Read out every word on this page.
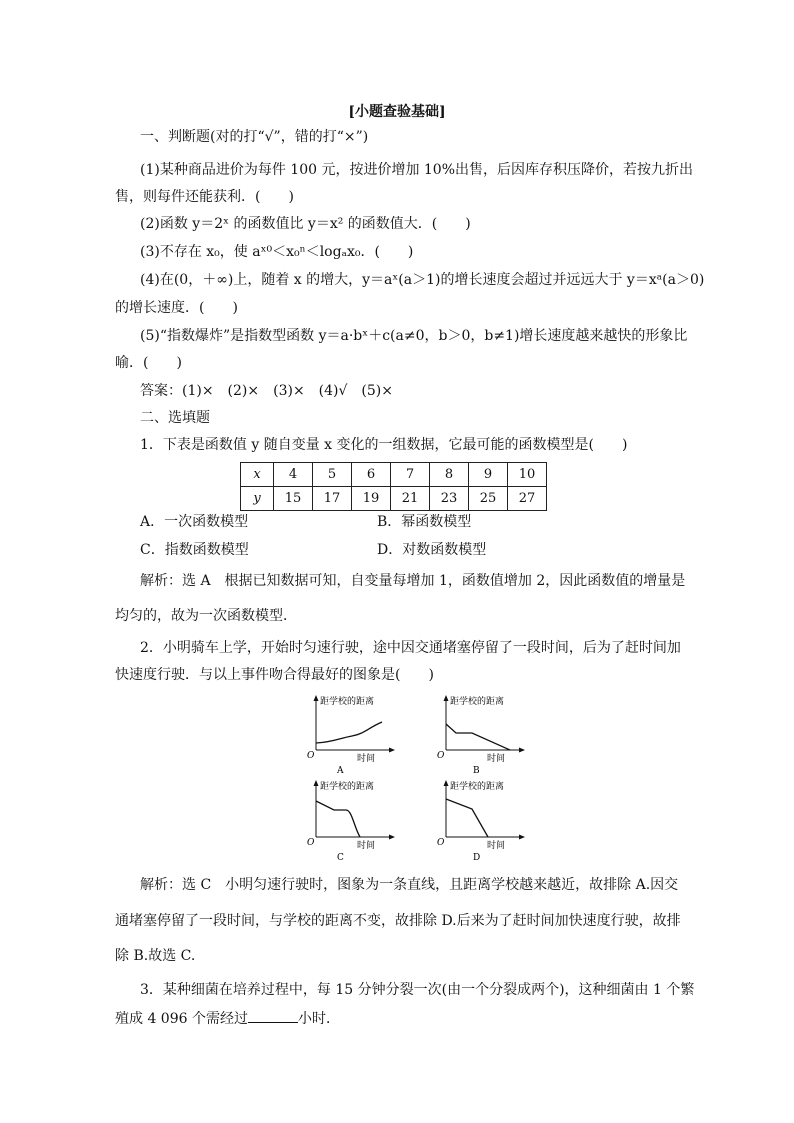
[小题查验基础]
一、判断题(对的打“√”，错的打“×”)
(1)某种商品进价为每件 100 元，按进价增加 10%出售，后因库存积压降价，若按九折出
售，则每件还能获利．(　　)
(2)函数 y＝2ˣ 的函数值比 y＝x² 的函数值大．(　　)
(3)不存在 x₀，使 aˣ⁰＜x₀ⁿ＜logₐx₀．(　　)
(4)在(0，＋∞)上，随着 x 的增大，y＝aˣ(a＞1)的增长速度会超过并远远大于 y＝xᵃ(a＞0)
的增长速度．(　　)
(5)“指数爆炸”是指数型函数 y＝a·bˣ＋c(a≠0，b＞0，b≠1)增长速度越来越快的形象比
喻．(　　)
答案：(1)×　(2)×　(3)×　(4)√　(5)×
二、选填题
1．下表是函数值 y 随自变量 x 变化的一组数据，它最可能的函数模型是(　　)
x	4	5	6	7	8	9	10
y	15	17	19	21	23	25	27
A．一次函数模型	B．幂函数模型
C．指数函数模型	D．对数函数模型
解析：选 A　根据已知数据可知，自变量每增加 1，函数值增加 2，因此函数值的增量是
均匀的，故为一次函数模型．
2．小明骑车上学，开始时匀速行驶，途中因交通堵塞停留了一段时间，后为了赶时间加
快速度行驶．与以上事件吻合得最好的图象是(　　)
距学校的距离
时间
O
A
距学校的距离
时间
O
B
距学校的距离
时间
O
C
距学校的距离
时间
O
D
解析：选 C　小明匀速行驶时，图象为一条直线，且距离学校越来越近，故排除 A.因交
通堵塞停留了一段时间，与学校的距离不变，故排除 D.后来为了赶时间加快速度行驶，故排
除 B.故选 C.
3．某种细菌在培养过程中，每 15 分钟分裂一次(由一个分裂成两个)，这种细菌由 1 个繁
殖成 4 096 个需经过	小时．
